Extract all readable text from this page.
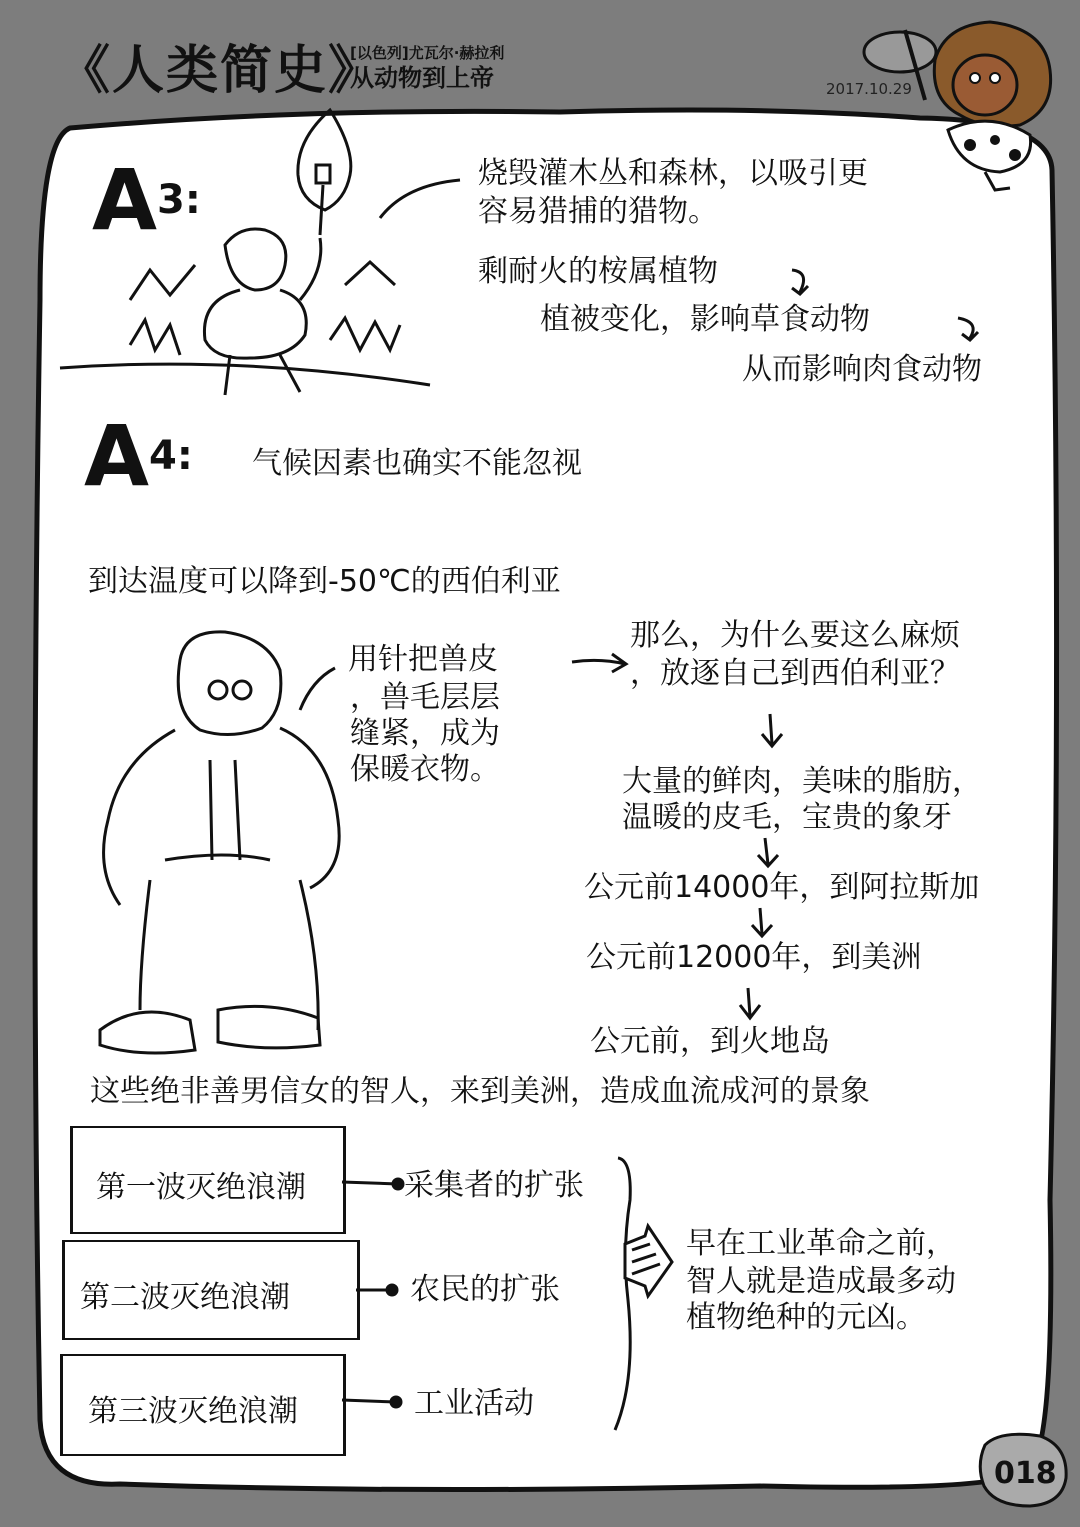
《人类简史》
[以色列]尤瓦尔·赫拉利
从动物到上帝	2017.10.29
$A^{3:}$
烧毁灌木丛和森林，以吸引更
容易猎捕的猎物。
剩耐火的桉属植物
植被变化，影响草食动物
从而影响肉食动物
$A^{4:}$ 气候因素也确实不能忽视
到达温度可以降到-50℃的西伯利亚
用针把兽皮
，兽毛层层
缝紧，成为
保暖衣物。
那么，为什么要这么麻烦
，放逐自己到西伯利亚？
大量的鲜肉，美味的脂肪，
温暖的皮毛，宝贵的象牙
公元前14000年，到阿拉斯加
公元前12000年，到美洲
公元前，到火地岛
这些绝非善男信女的智人，来到美洲，造成血流成河的景象
第一波灭绝浪潮	采集者的扩张
第二波灭绝浪潮	农民的扩张
第三波灭绝浪潮	工业活动
早在工业革命之前，
智人就是造成最多动
植物绝种的元凶。
018
